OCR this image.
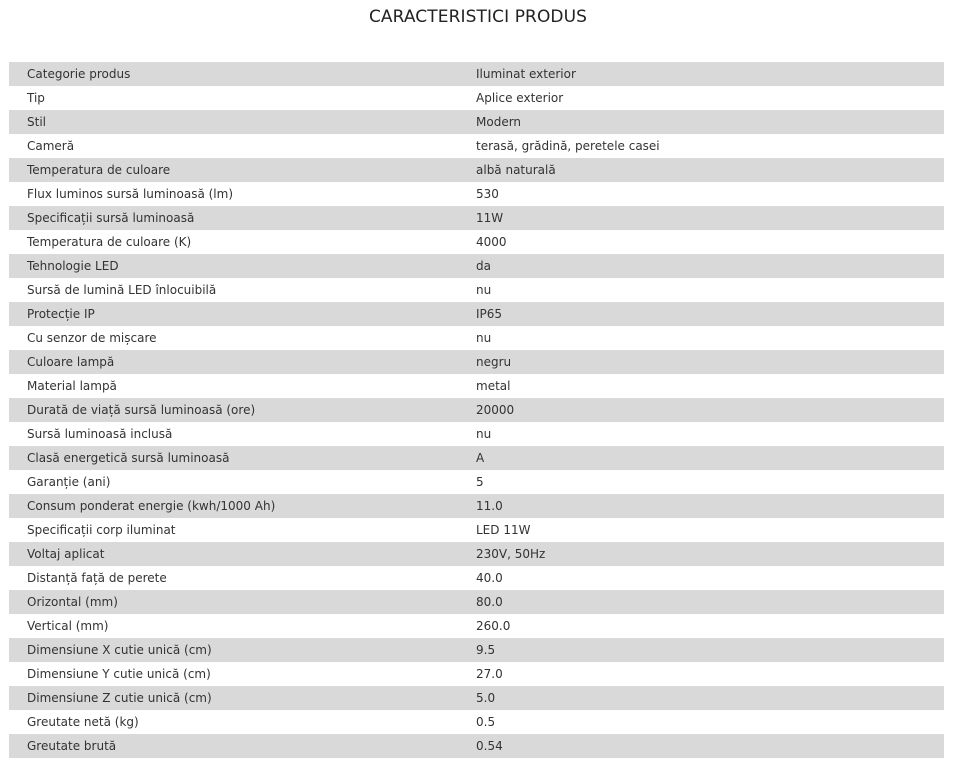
CARACTERISTICI PRODUS
Categorie produs	Iluminat exterior
Tip	Aplice exterior
Stil	Modern
Cameră	terasă, grădină, peretele casei
Temperatura de culoare	albă naturală
Flux luminos sursă luminoasă (lm)	530
Specificații sursă luminoasă	11W
Temperatura de culoare (K)	4000
Tehnologie LED	da
Sursă de lumină LED înlocuibilă	nu
Protecție IP	IP65
Cu senzor de mișcare	nu
Culoare lampă	negru
Material lampă	metal
Durată de viață sursă luminoasă (ore)	20000
Sursă luminoasă inclusă	nu
Clasă energetică sursă luminoasă	A
Garanție (ani)	5
Consum ponderat energie (kwh/1000 Ah)	11.0
Specificații corp iluminat	LED 11W
Voltaj aplicat	230V, 50Hz
Distanță față de perete	40.0
Orizontal (mm)	80.0
Vertical (mm)	260.0
Dimensiune X cutie unică (cm)	9.5
Dimensiune Y cutie unică (cm)	27.0
Dimensiune Z cutie unică (cm)	5.0
Greutate netă (kg)	0.5
Greutate brută	0.54
